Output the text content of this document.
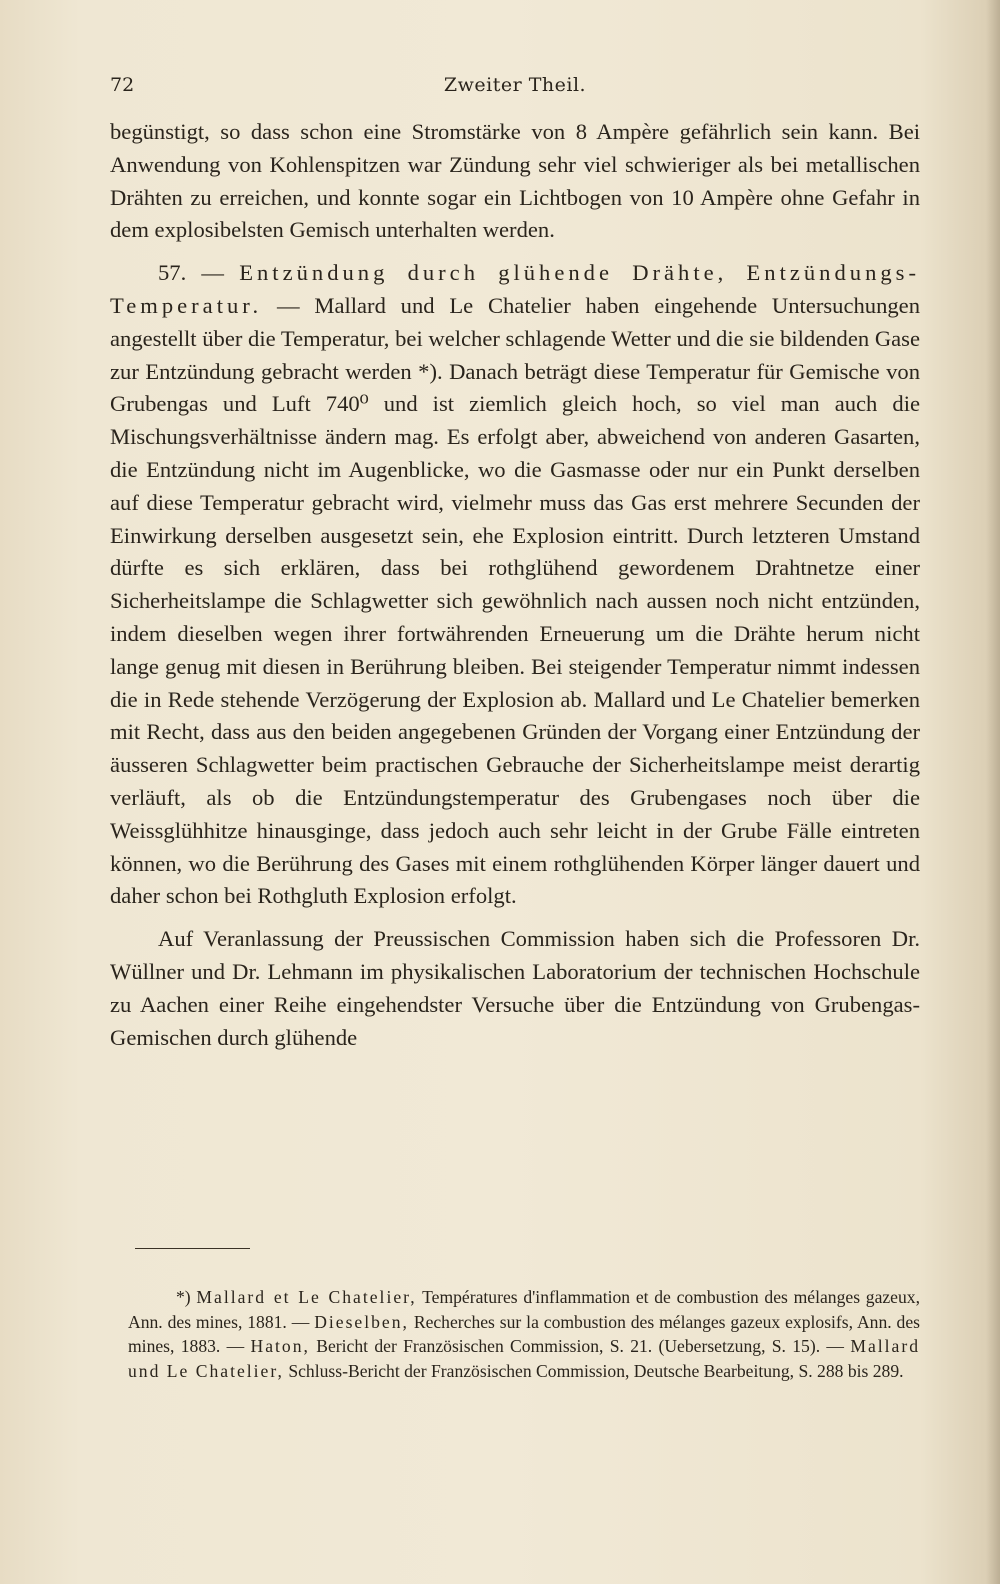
72	Zweiter Theil.

begünstigt, so dass schon eine Stromstärke von 8 Ampère gefährlich sein kann. Bei Anwendung von Kohlenspitzen war Zündung sehr viel schwieriger als bei metallischen Drähten zu erreichen, und konnte sogar ein Lichtbogen von 10 Ampère ohne Gefahr in dem explosibelsten Gemisch unterhalten werden.

57. — Entzündung durch glühende Drähte, Entzündungs-Temperatur. — Mallard und Le Chatelier haben eingehende Untersuchungen angestellt über die Temperatur, bei welcher schlagende Wetter und die sie bildenden Gase zur Entzündung gebracht werden *). Danach beträgt diese Temperatur für Gemische von Grubengas und Luft 740⁰ und ist ziemlich gleich hoch, so viel man auch die Mischungsverhältnisse ändern mag. Es erfolgt aber, abweichend von anderen Gasarten, die Entzündung nicht im Augenblicke, wo die Gasmasse oder nur ein Punkt derselben auf diese Temperatur gebracht wird, vielmehr muss das Gas erst mehrere Secunden der Einwirkung derselben ausgesetzt sein, ehe Explosion eintritt. Durch letzteren Umstand dürfte es sich erklären, dass bei rothglühend gewordenem Drahtnetze einer Sicherheitslampe die Schlagwetter sich gewöhnlich nach aussen noch nicht entzünden, indem dieselben wegen ihrer fortwährenden Erneuerung um die Drähte herum nicht lange genug mit diesen in Berührung bleiben. Bei steigender Temperatur nimmt indessen die in Rede stehende Verzögerung der Explosion ab. Mallard und Le Chatelier bemerken mit Recht, dass aus den beiden angegebenen Gründen der Vorgang einer Entzündung der äusseren Schlagwetter beim practischen Gebrauche der Sicherheitslampe meist derartig verläuft, als ob die Entzündungstemperatur des Grubengases noch über die Weissglühhitze hinausginge, dass jedoch auch sehr leicht in der Grube Fälle eintreten können, wo die Berührung des Gases mit einem rothglühenden Körper länger dauert und daher schon bei Rothgluth Explosion erfolgt.

Auf Veranlassung der Preussischen Commission haben sich die Professoren Dr. Wüllner und Dr. Lehmann im physikalischen Laboratorium der technischen Hochschule zu Aachen einer Reihe eingehendster Versuche über die Entzündung von Grubengas-Gemischen durch glühende

*) Mallard et Le Chatelier, Températures d'inflammation et de combustion des mélanges gazeux, Ann. des mines, 1881. — Dieselben, Recherches sur la combustion des mélanges gazeux explosifs, Ann. des mines, 1883. — Haton, Bericht der Französischen Commission, S. 21. (Uebersetzung, S. 15). — Mallard und Le Chatelier, Schluss-Bericht der Französischen Commission, Deutsche Bearbeitung, S. 288 bis 289.
